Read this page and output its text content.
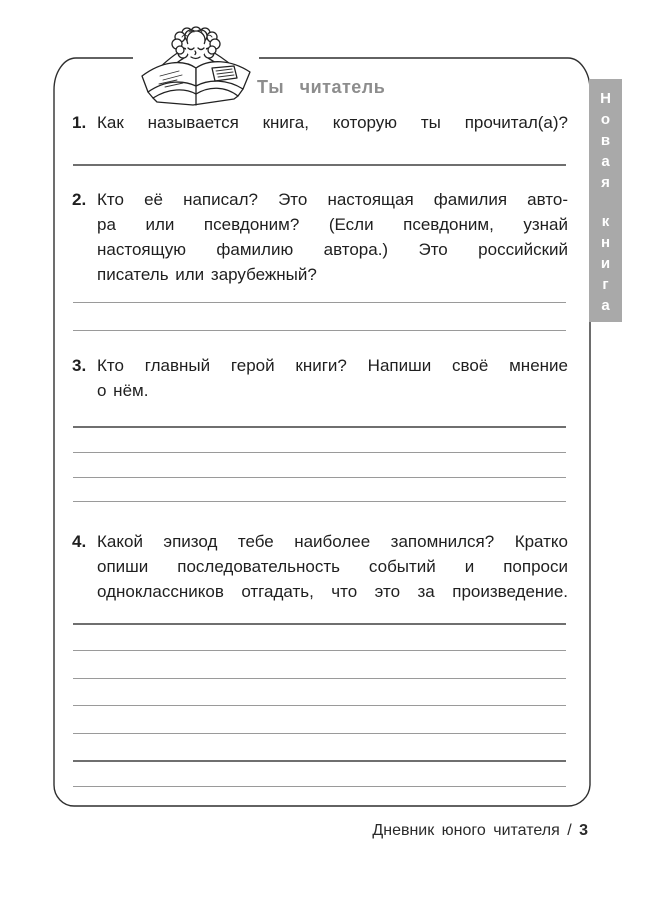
Н
о
в
а
я
к
н
и
г
а
Ты читатель
1. Как называется книга, которую ты прочитал(а)?
2. Кто её написал? Это настоящая фамилия авто-
ра или псевдоним? (Если псевдоним, узнай
настоящую фамилию автора.) Это российский
писатель или зарубежный?
3. Кто главный герой книги? Напиши своё мнение
о нём.
4. Какой эпизод тебе наиболее запомнился? Кратко
опиши последовательность событий и попроси
одноклассников отгадать, что это за произведение.
Дневник юного читателя / 3
